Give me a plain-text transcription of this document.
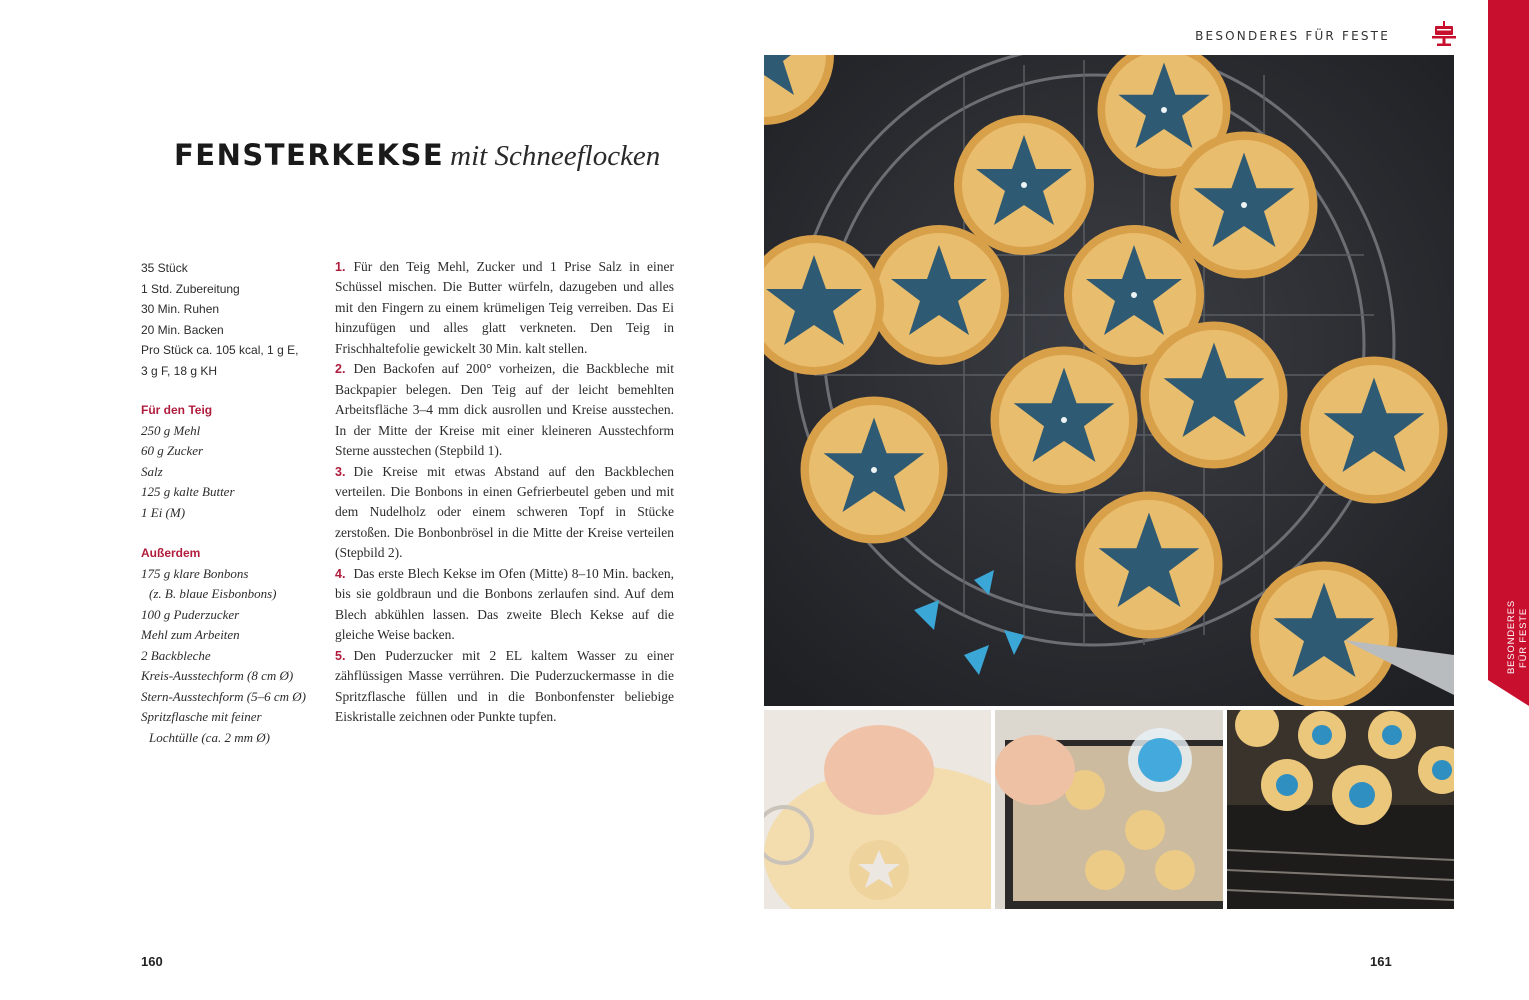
FENSTERKEKSE mit Schneeflocken
35 Stück
1 Std. Zubereitung
30 Min. Ruhen
20 Min. Backen
Pro Stück ca. 105 kcal, 1 g E,
3 g F, 18 g KH
Für den Teig
250 g Mehl
60 g Zucker
Salz
125 g kalte Butter
1 Ei (M)
Außerdem
175 g klare Bonbons
(z. B. blaue Eisbonbons)
100 g Puderzucker
Mehl zum Arbeiten
2 Backbleche
Kreis-Ausstechform (8 cm Ø)
Stern-Ausstechform (5–6 cm Ø)
Spritzflasche mit feiner
Lochtülle (ca. 2 mm Ø)
1. Für den Teig Mehl, Zucker und 1 Prise Salz in einer Schüssel mischen. Die Butter würfeln, dazugeben und alles mit den Fingern zu einem krümeligen Teig verreiben. Das Ei hinzufügen und alles glatt verkneten. Den Teig in Frischhaltefolie gewickelt 30 Min. kalt stellen.
2. Den Backofen auf 200° vorheizen, die Backbleche mit Backpapier belegen. Den Teig auf der leicht bemehlten Arbeitsfläche 3–4 mm dick ausrollen und Kreise ausstechen. In der Mitte der Kreise mit einer kleineren Ausstechform Sterne ausstechen (Stepbild 1).
3. Die Kreise mit etwas Abstand auf den Backblechen verteilen. Die Bonbons in einen Gefrierbeutel geben und mit dem Nudelholz oder einem schweren Topf in Stücke zerstoßen. Die Bonbonbrösel in die Mitte der Kreise verteilen (Stepbild 2).
4. Das erste Blech Kekse im Ofen (Mitte) 8–10 Min. backen, bis sie goldbraun und die Bonbons zerlaufen sind. Auf dem Blech abkühlen lassen. Das zweite Blech Kekse auf die gleiche Weise backen.
5. Den Puderzucker mit 2 EL kaltem Wasser zu einer zähflüssigen Masse verrühren. Die Puderzuckermasse in die Spritzflasche füllen und in die Bonbonfenster beliebige Eiskristalle zeichnen oder Punkte tupfen.
160
BESONDERES FÜR FESTE
BESONDERES FÜR FESTE
161
